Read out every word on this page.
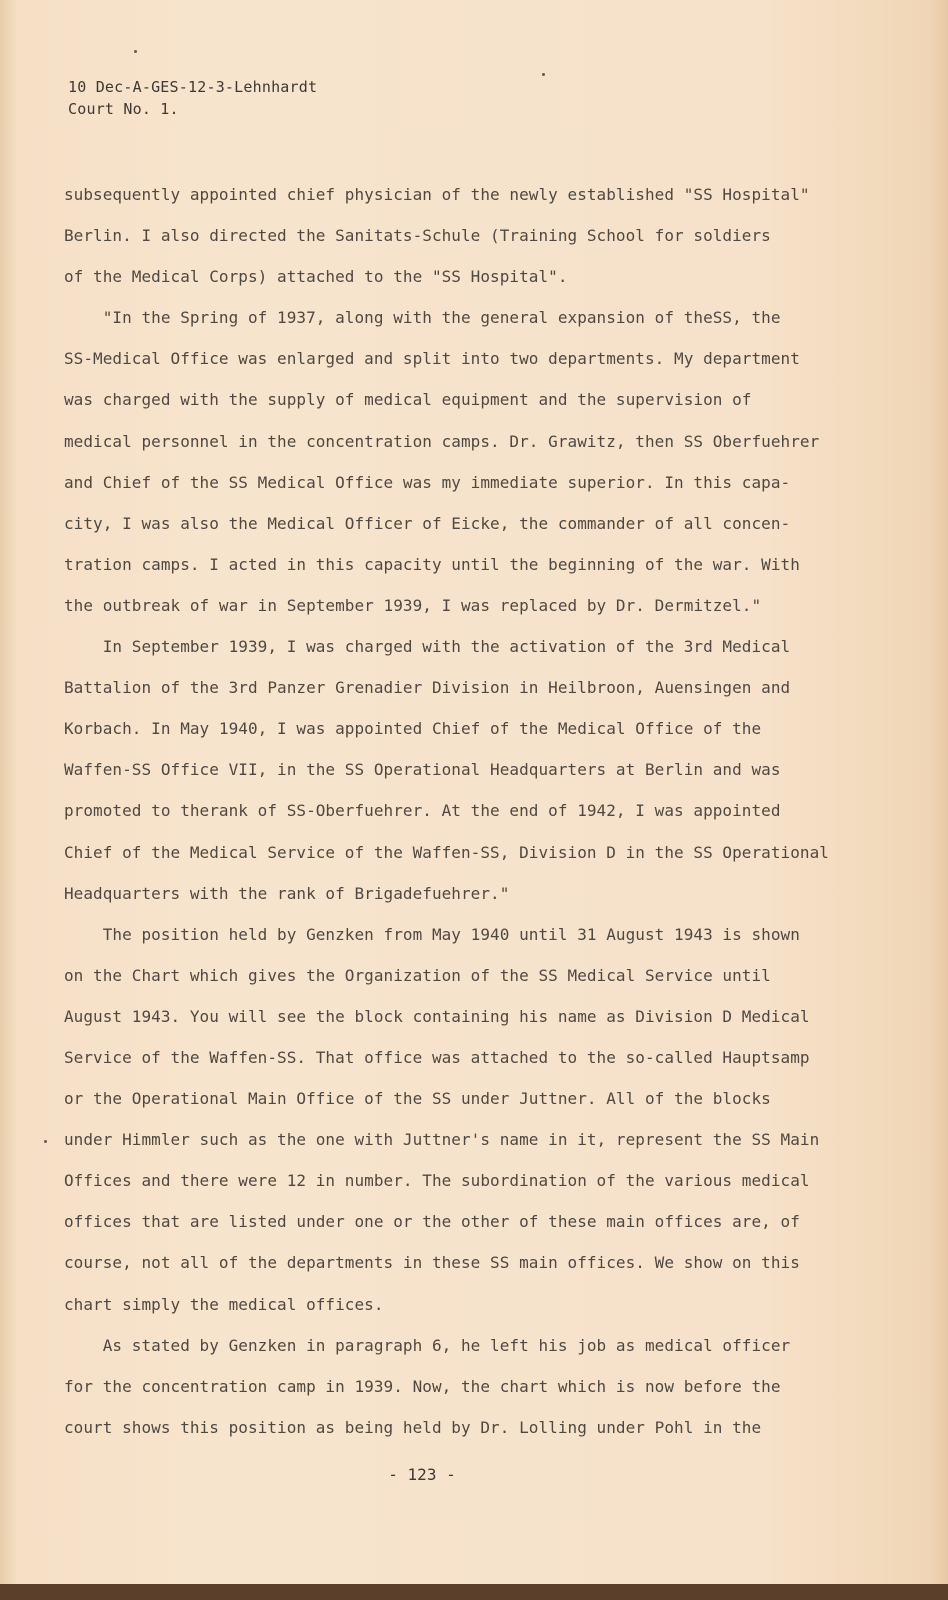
10 Dec-A-GES-12-3-Lehnhardt
Court No. 1.
subsequently appointed chief physician of the newly established "SS Hospital"
Berlin. I also directed the Sanitats-Schule (Training School for soldiers
of the Medical Corps) attached to the "SS Hospital".
"In the Spring of 1937, along with the general expansion of theSS, the
SS-Medical Office was enlarged and split into two departments. My department
was charged with the supply of medical equipment and the supervision of
medical personnel in the concentration camps. Dr. Grawitz, then SS Oberfuehrer
and Chief of the SS Medical Office was my immediate superior. In this capa-
city, I was also the Medical Officer of Eicke, the commander of all concen-
tration camps. I acted in this capacity until the beginning of the war. With
the outbreak of war in September 1939, I was replaced by Dr. Dermitzel."
In September 1939, I was charged with the activation of the 3rd Medical
Battalion of the 3rd Panzer Grenadier Division in Heilbroon, Auensingen and
Korbach. In May 1940, I was appointed Chief of the Medical Office of the
Waffen-SS Office VII, in the SS Operational Headquarters at Berlin and was
promoted to therank of SS-Oberfuehrer. At the end of 1942, I was appointed
Chief of the Medical Service of the Waffen-SS, Division D in the SS Operational
Headquarters with the rank of Brigadefuehrer."
The position held by Genzken from May 1940 until 31 August 1943 is shown
on the Chart which gives the Organization of the SS Medical Service until
August 1943. You will see the block containing his name as Division D Medical
Service of the Waffen-SS. That office was attached to the so-called Hauptsamp
or the Operational Main Office of the SS under Juttner. All of the blocks
under Himmler such as the one with Juttner's name in it, represent the SS Main
Offices and there were 12 in number. The subordination of the various medical
offices that are listed under one or the other of these main offices are, of
course, not all of the departments in these SS main offices. We show on this
chart simply the medical offices.
As stated by Genzken in paragraph 6, he left his job as medical officer
for the concentration camp in 1939. Now, the chart which is now before the
court shows this position as being held by Dr. Lolling under Pohl in the
- 123 -
